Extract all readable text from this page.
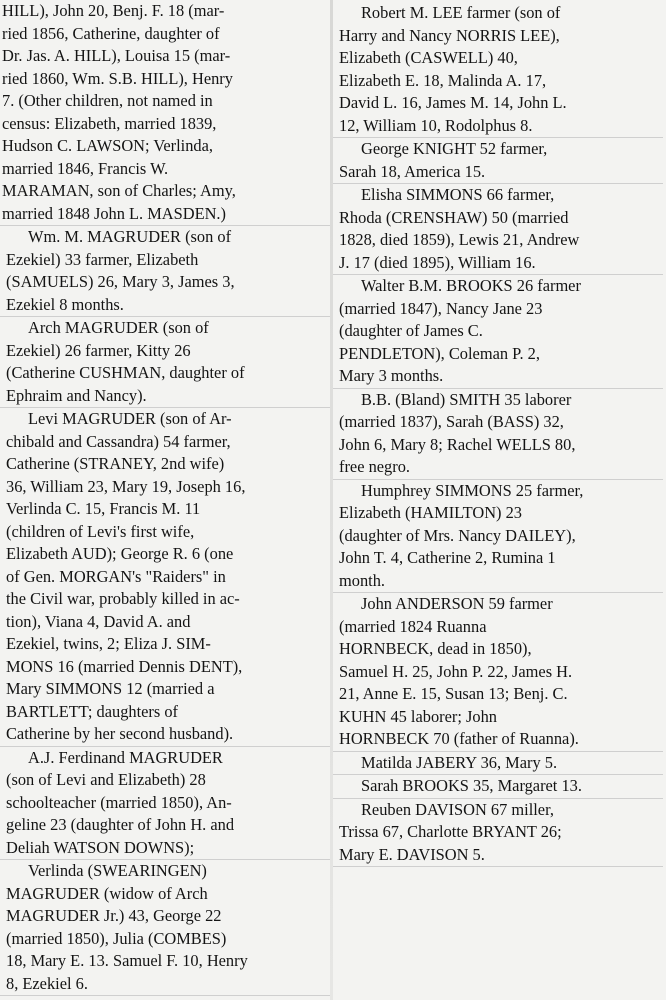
HILL), John 20, Benj. F. 18 (mar-
ried 1856, Catherine, daughter of
Dr. Jas. A. HILL), Louisa 15 (mar-
ried 1860, Wm. S.B. HILL), Henry
7. (Other children, not named in
census: Elizabeth, married 1839,
Hudson C. LAWSON; Verlinda,
married 1846, Francis W.
MARAMAN, son of Charles; Amy,
married 1848 John L. MASDEN.)

Wm. M. MAGRUDER (son of
Ezekiel) 33 farmer, Elizabeth
(SAMUELS) 26, Mary 3, James 3,
Ezekiel 8 months.

Arch MAGRUDER (son of
Ezekiel) 26 farmer, Kitty 26
(Catherine CUSHMAN, daughter of
Ephraim and Nancy).

Levi MAGRUDER (son of Ar-
chibald and Cassandra) 54 farmer,
Catherine (STRANEY, 2nd wife)
36, William 23, Mary 19, Joseph 16,
Verlinda C. 15, Francis M. 11
(children of Levi's first wife,
Elizabeth AUD); George R. 6 (one
of Gen. MORGAN's "Raiders" in
the Civil war, probably killed in ac-
tion), Viana 4, David A. and
Ezekiel, twins, 2; Eliza J. SIM-
MONS 16 (married Dennis DENT),
Mary SIMMONS 12 (married a
BARTLETT; daughters of
Catherine by her second husband).

A.J. Ferdinand MAGRUDER
(son of Levi and Elizabeth) 28
schoolteacher (married 1850), An-
geline 23 (daughter of John H. and
Deliah WATSON DOWNS);

Verlinda (SWEARINGEN)
MAGRUDER (widow of Arch
MAGRUDER Jr.) 43, George 22
(married 1850), Julia (COMBES)
18, Mary E. 13. Samuel F. 10, Henry
8, Ezekiel 6.

Robert M. LEE farmer (son of
Harry and Nancy NORRIS LEE),
Elizabeth (CASWELL) 40,
Elizabeth E. 18, Malinda A. 17,
David L. 16, James M. 14, John L.
12, William 10, Rodolphus 8.

George KNIGHT 52 farmer,
Sarah 18, America 15.

Elisha SIMMONS 66 farmer,
Rhoda (CRENSHAW) 50 (married
1828, died 1859), Lewis 21, Andrew
J. 17 (died 1895), William 16.

Walter B.M. BROOKS 26 farmer
(married 1847), Nancy Jane 23
(daughter of James C.
PENDLETON), Coleman P. 2,
Mary 3 months.

B.B. (Bland) SMITH 35 laborer
(married 1837), Sarah (BASS) 32,
John 6, Mary 8; Rachel WELLS 80,
free negro.

Humphrey SIMMONS 25 farmer,
Elizabeth (HAMILTON) 23
(daughter of Mrs. Nancy DAILEY),
John T. 4, Catherine 2, Rumina 1
month.

John ANDERSON 59 farmer
(married 1824 Ruanna
HORNBECK, dead in 1850),
Samuel H. 25, John P. 22, James H.
21, Anne E. 15, Susan 13; Benj. C.
KUHN 45 laborer; John
HORNBECK 70 (father of Ruanna).

Matilda JABERY 36, Mary 5.

Sarah BROOKS 35, Margaret 13.

Reuben DAVISON 67 miller,
Trissa 67, Charlotte BRYANT 26;
Mary E. DAVISON 5.
